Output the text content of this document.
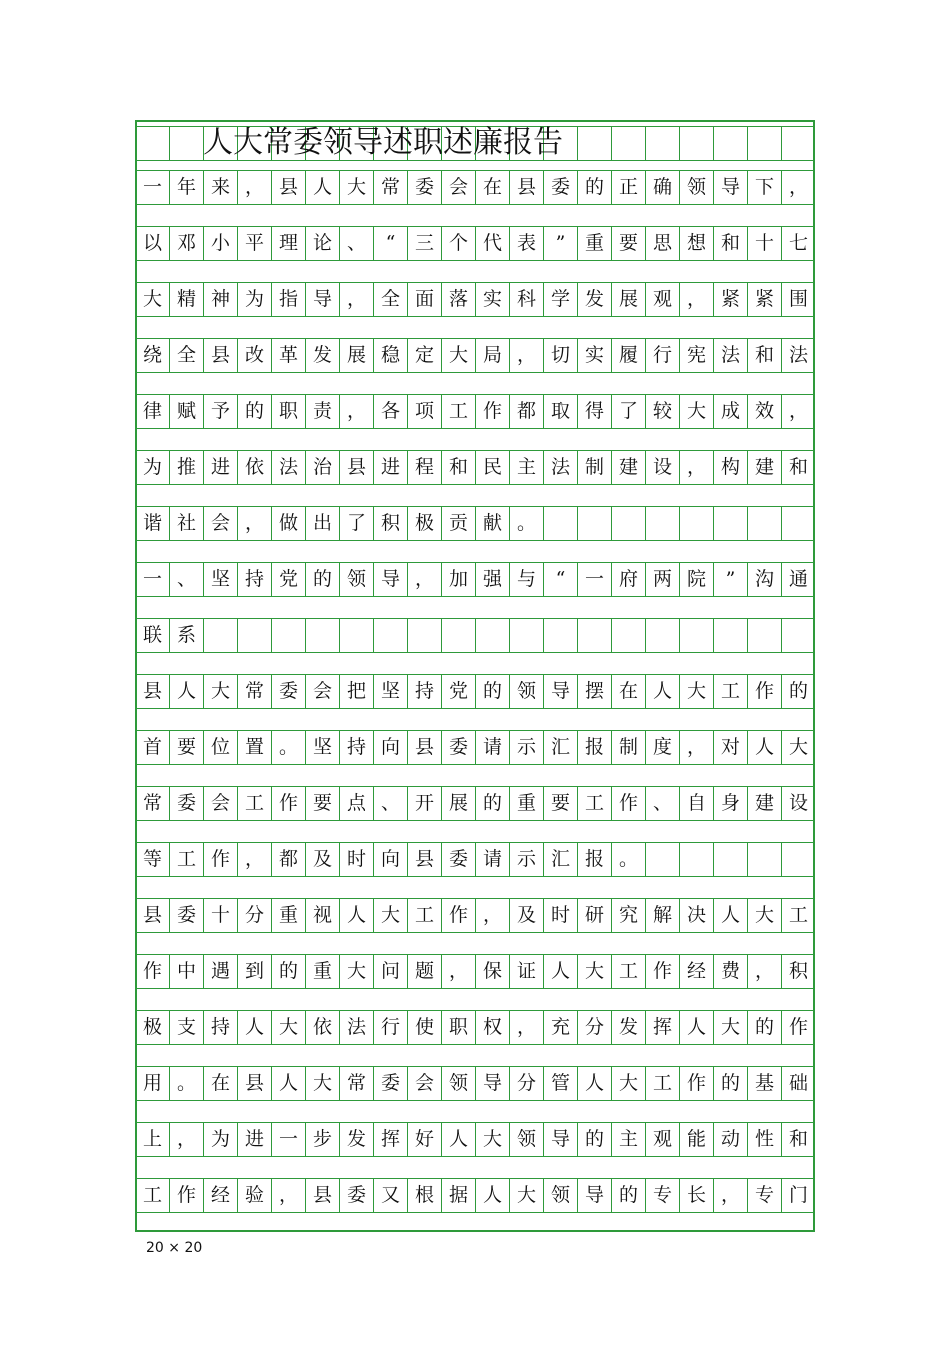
一 年 来 ， 县 人 大 常 委 会 在 县 委 的 正 确 领 导 下 ，
以 邓 小 平 理 论 、	“	三 个 代 表	”	重 要 思 想 和 十 七
大 精 神 为 指 导 ， 全 面 落 实 科 学 发 展 观 ， 紧 紧 围
绕 全 县 改 革 发 展 稳 定 大 局 ， 切 实 履 行 宪 法 和 法
律 赋 予 的 职 责 ， 各 项 工 作 都 取 得 了 较 大 成 效 ，
为 推 进 依 法 治 县 进 程 和 民 主 法 制 建 设 ， 构 建 和
谐 社 会 ， 做 出 了 积 极 贡 献 。
一 、 坚 持 党 的 领 导 ， 加 强 与	“	一 府 两 院	”	沟 通
联 系
县 人 大 常 委 会 把 坚 持 党 的 领 导 摆 在 人 大 工 作 的
首 要 位 置 。 坚 持 向 县 委 请 示 汇 报 制 度 ， 对 人 大
常 委 会 工 作 要 点 、 开 展 的 重 要 工 作 、 自 身 建 设
等 工 作 ， 都 及 时 向 县 委 请 示 汇 报 。
县 委 十 分 重 视 人 大 工 作 ， 及 时 研 究 解 决 人 大 工
作 中 遇 到 的 重 大 问 题 ， 保 证 人 大 工 作 经 费 ， 积
极 支 持 人 大 依 法 行 使 职 权 ， 充 分 发 挥 人 大 的 作
用 。 在 县 人 大 常 委 会 领 导 分 管 人 大 工 作 的 基 础
上 ， 为 进 一 步 发 挥 好 人 大 领 导 的 主 观 能 动 性 和
工 作 经 验 ， 县 委 又 根 据 人 大 领 导 的 专 长 ， 专 门
人大常委领导述职述廉报告
20 × 20
